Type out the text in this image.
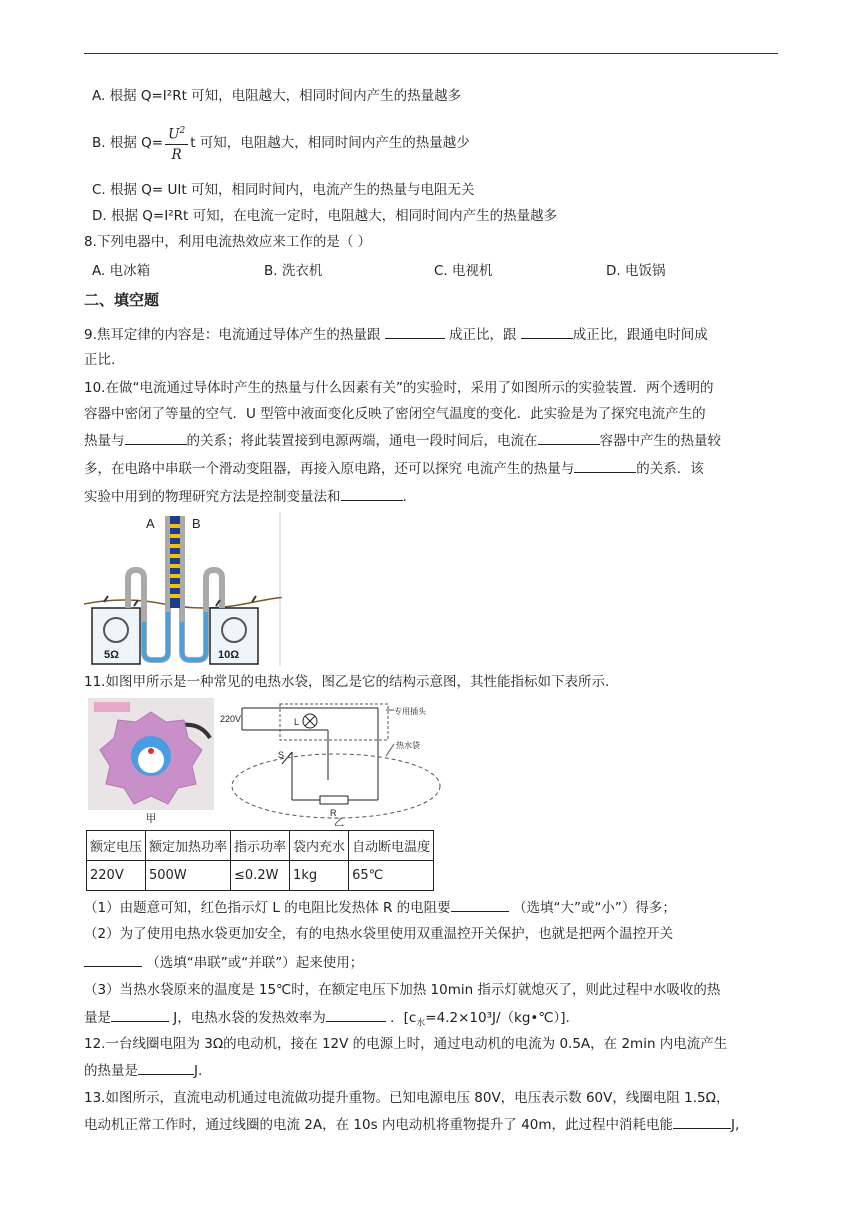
A. 根据 Q=I²Rt 可知，电阻越大，相同时间内产生的热量越多
B. 根据 $Q= \frac{U^2}{R}$ t 可知，电阻越大，相同时间内产生的热量越少
C. 根据 Q= UIt 可知，相同时间内，电流产生的热量与电阻无关
D. 根据 Q=I²Rt 可知，在电流一定时，电阻越大，相同时间内产生的热量越多
8.下列电器中，利用电流热效应来工作的是（ ）
A. 电冰箱	B. 洗衣机	C. 电视机	D. 电饭锅
二、填空题
9.焦耳定律的内容是：电流通过导体产生的热量跟	成正比，跟	成正比，跟通电时间成
正比.
10.在做“电流通过导体时产生的热量与什么因素有关”的实验时，采用了如图所示的实验装置．两个透明的
容器中密闭了等量的空气．U 型管中液面变化反映了密闭空气温度的变化．此实验是为了探究电流产生的
热量与	的关系；将此装置接到电源两端，通电一段时间后，电流在	容器中产生的热量较
多，在电路中串联一个滑动变阻器，再接入原电路，还可以探究 电流产生的热量与	的关系．该
实验中用到的物理研究方法是控制变量法和	.
A	B
5Ω	10Ω
11.如图甲所示是一种常见的电热水袋，图乙是它的结构示意图，其性能指标如下表所示.
甲
220V	L
S
R
专用插头
热水袋
乙
额定电压	额定加热功率	指示功率	袋内充水	自动断电温度
220V	500W	≤0.2W	1kg	65℃
（1）由题意可知，红色指示灯 L 的电阻比发热体 R 的电阻要	（选填“大”或“小”）得多；
（2）为了使用电热水袋更加安全，有的电热水袋里使用双重温控开关保护，也就是把两个温控开关
（选填“串联”或“并联”）起来使用；
（3）当热水袋原来的温度是 15℃时，在额定电压下加热 10min 指示灯就熄灭了，则此过程中水吸收的热
量是	J，电热水袋的发热效率为	．$[c_水=4.2\times 10^3J/(kg•℃)]$.
12.一台线圈电阻为 3Ω的电动机，接在 12V 的电源上时，通过电动机的电流为 0.5A，在 2min 内电流产生
的热量是	J.
13.如图所示，直流电动机通过电流做功提升重物。已知电源电压 80V，电压表示数 60V，线圈电阻 1.5Ω，
电动机正常工作时，通过线圈的电流 2A，在 10s 内电动机将重物提升了 40m，此过程中消耗电能	J,
